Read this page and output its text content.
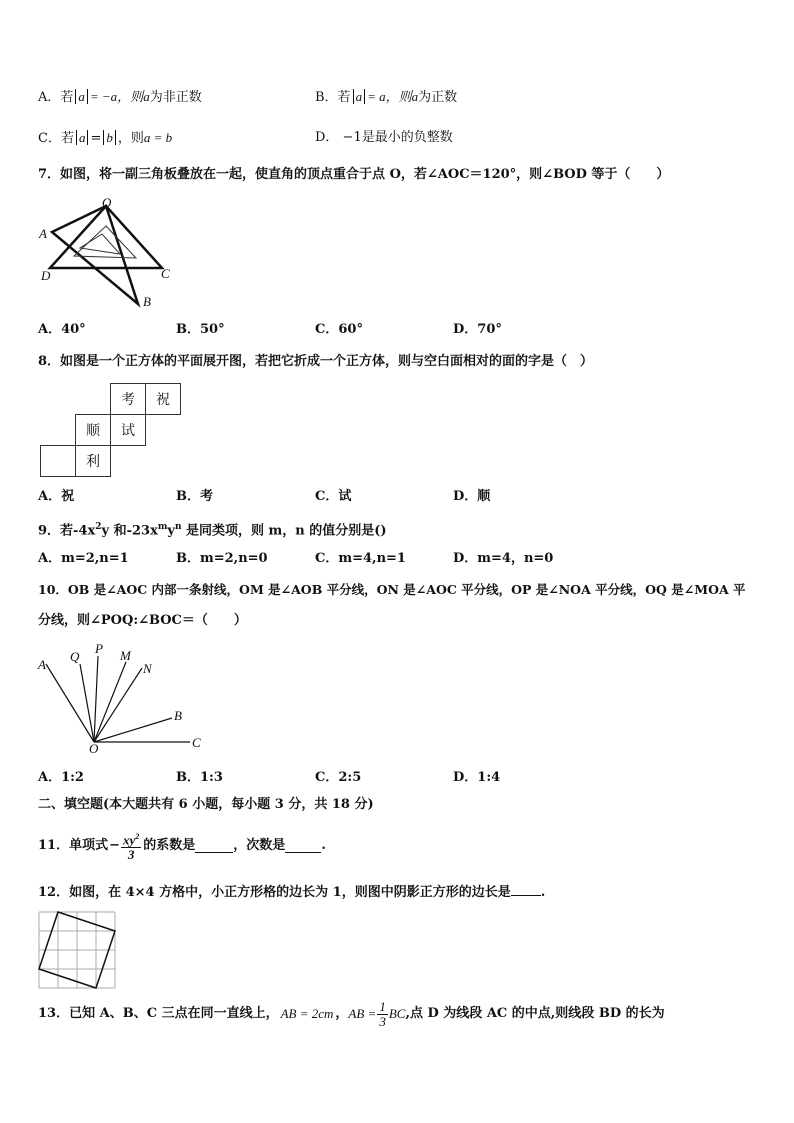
A．若 a = −a，则a为非正数	B．若 a = a，则a为正数
C．若 a = b ，则a = b	D． −1是最小的负整数
7．如图，将一副三角板叠放在一起，使直角的顶点重合于点 O，若∠AOC＝120°，则∠BOD 等于（　　）
O
A
D	C
B
A．40°	B．50°	C．60°	D．70°
8．如图是一个正方体的平面展开图，若把它折成一个正方体，则与空白面相对的面的字是（　）
		考	祝
	顺	试	
	利		
A．祝	B．考	C．试	D．顺
9．若$-4x^2y$ 和$-23x^my^n$ 是同类项，则 m，n 的值分别是()
A．m=2,n=1	B．m=2,n=0	C．m=4,n=1	D．m=4，n=0
10．OB 是∠AOC 内部一条射线，OM 是∠AOB 平分线，ON 是∠AOC 平分线，OP 是∠NOA 平分线，OQ 是∠MOA 平
分线，则∠POQ:∠BOC＝（　　）
A
Q
P M
N
B
C
O
A．1:2	B．1:3	C．2:5	D．1:4
二、填空题(本大题共有 6 小题，每小题 3 分，共 18 分)
11．单项式 − $\frac{xy^2}{3}$ 的系数是	，次数是	.
12．如图，在 4×4 方格中，小正方形格的边长为 1，则图中阴影正方形的边长是 .
13．已知 A、B、C 三点在同一直线上， AB = 2cm ， AB = $\frac{1}{3}$ BC ,点 D 为线段 AC 的中点,则线段 BD 的长为
